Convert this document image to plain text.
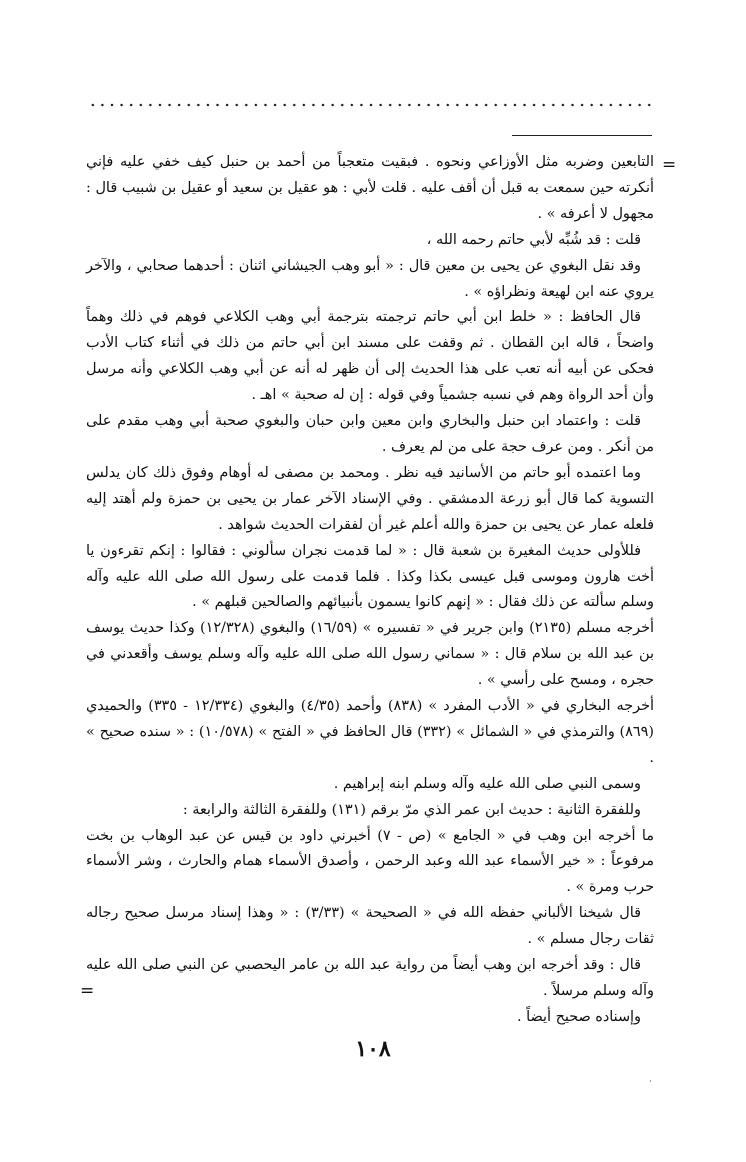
=

التابعين وضربه مثل الأوزاعي ونحوه . فبقيت متعجباً من أحمد بن حنبل كيف خفي عليه فإني أنكرته حين سمعت به قبل أن أقف عليه . قلت لأبي : هو عقيل بن سعيد أو عقيل بن شبيب قال : مجهول لا أعرفه » .

قلت : قد شُبِّه لأبي حاتم رحمه الله ،

وقد نقل البغوي عن يحيى بن معين قال : « أبو وهب الجيشاني اثنان : أحدهما صحابي ، والآخر يروي عنه ابن لهيعة ونظراؤه » .

قال الحافظ : « خلط ابن أبي حاتم ترجمته بترجمة أبي وهب الكلاعي فوهم في ذلك وهماً واضحاً ، قاله ابن القطان . ثم وقفت على مسند ابن أبي حاتم من ذلك في أثناء كتاب الأدب فحكى عن أبيه أنه تعب على هذا الحديث إلى أن ظهر له أنه عن أبي وهب الكلاعي وأنه مرسل وأن أحد الرواة وهم في نسبه جشمياً وفي قوله : إن له صحبة » اهـ .

قلت : واعتماد ابن حنبل والبخاري وابن معين وابن حبان والبغوي صحبة أبي وهب مقدم على من أنكر . ومن عرف حجة على من لم يعرف .

وما اعتمده أبو حاتم من الأسانيد فيه نظر . ومحمد بن مصفى له أوهام وفوق ذلك كان يدلس التسوية كما قال أبو زرعة الدمشقي . وفي الإسناد الآخر عمار بن يحيى بن حمزة ولم أهتد إليه فلعله عمار عن يحيى بن حمزة والله أعلم غير أن لفقرات الحديث شواهد .

فللأولى حديث المغيرة بن شعبة قال : « لما قدمت نجران سألوني : فقالوا : إنكم تقرءون يا أخت هارون وموسى قبل عيسى بكذا وكذا . فلما قدمت على رسول الله صلى الله عليه وآله وسلم سألته عن ذلك فقال : « إنهم كانوا يسمون بأنبيائهم والصالحين قبلهم » .

أخرجه مسلم (٢١٣٥) وابن جرير في « تفسيره » (١٦/٥٩) والبغوي (١٢/٣٢٨) وكذا حديث يوسف بن عبد الله بن سلام قال : « سماني رسول الله صلى الله عليه وآله وسلم يوسف وأقعدني في حجره ، ومسح على رأسي » .

أخرجه البخاري في « الأدب المفرد » (٨٣٨) وأحمد (٤/٣٥) والبغوي (١٢/٣٣٤ - ٣٣٥) والحميدي (٨٦٩) والترمذي في « الشمائل » (٣٣٢) قال الحافظ في « الفتح » (١٠/٥٧٨) : « سنده صحيح » .

وسمى النبي صلى الله عليه وآله وسلم ابنه إبراهيم .

وللفقرة الثانية : حديث ابن عمر الذي مرّ برقم (١٣١) وللفقرة الثالثة والرابعة :

ما أخرجه ابن وهب في « الجامع » (ص - ٧) أخبرني داود بن قيس عن عبد الوهاب بن بخت مرفوعاً : « خير الأسماء عبد الله وعبد الرحمن ، وأصدق الأسماء همام والحارث ، وشر الأسماء حرب ومرة » .

قال شيخنا الألباني حفظه الله في « الصحيحة » (٣/٣٣) : « وهذا إسناد مرسل صحيح رجاله ثقات رجال مسلم » .

قال : وقد أخرجه ابن وهب أيضاً من رواية عبد الله بن عامر اليحصبي عن النبي صلى الله عليه وآله وسلم مرسلاً .

وإسناده صحيح أيضاً .

=
١٠٨
